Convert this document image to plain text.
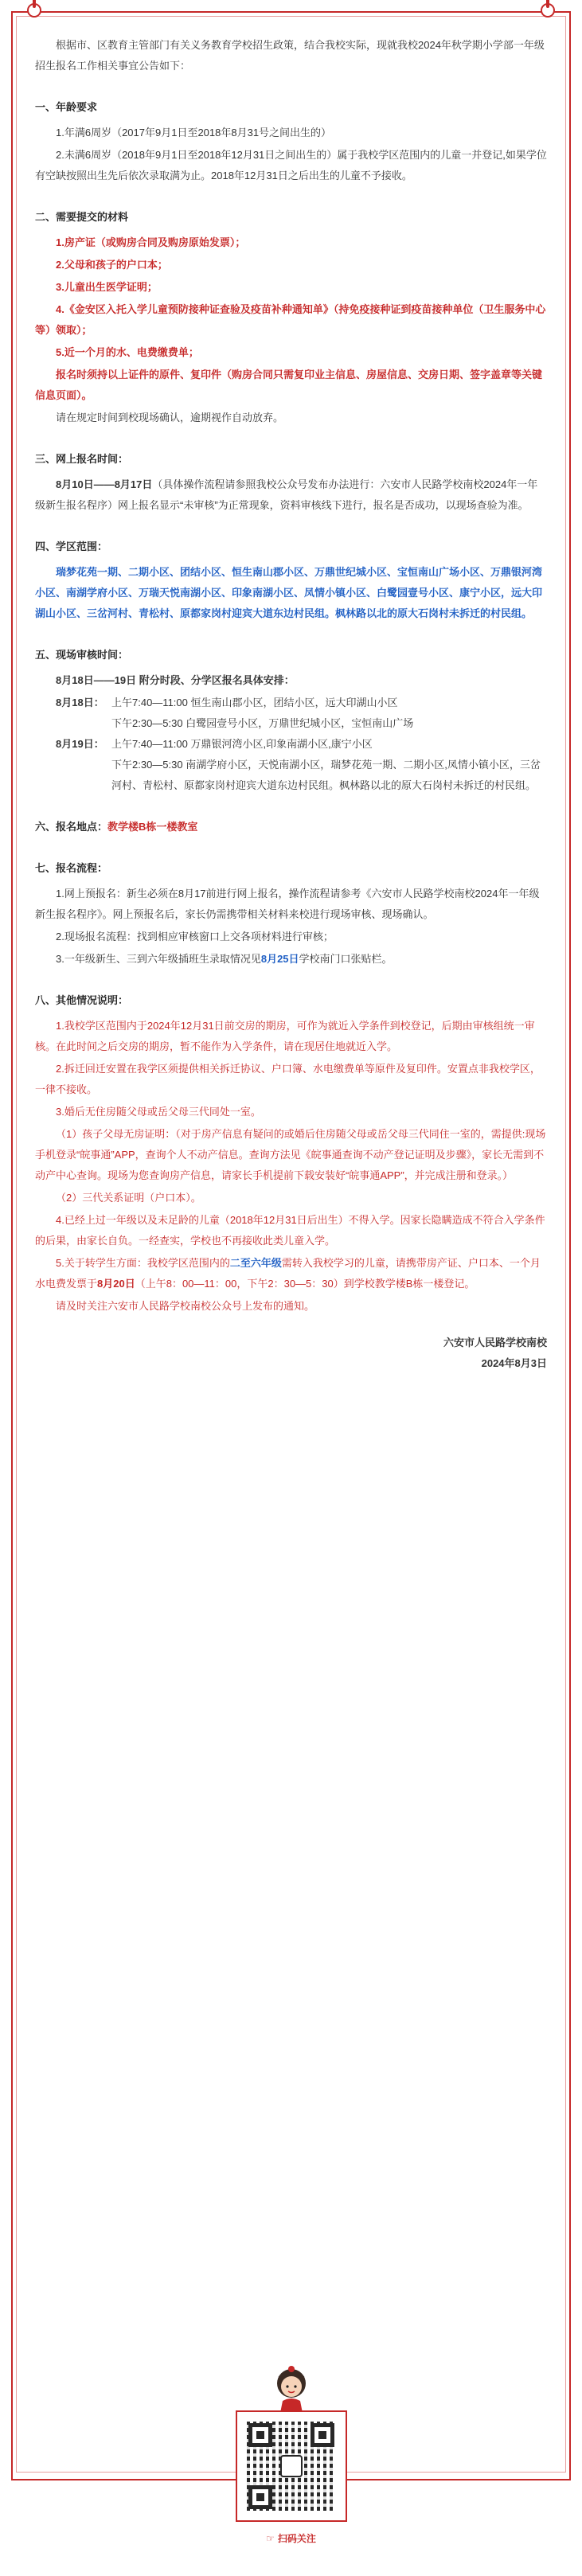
根据市、区教育主管部门有关义务教育学校招生政策，结合我校实际，现就我校2024年秋学期小学部一年级招生报名工作相关事宜公告如下：

一、年龄要求

1.年满6周岁（2017年9月1日至2018年8月31号之间出生的）

2.未满6周岁（2018年9月1日至2018年12月31日之间出生的）属于我校学区范围内的儿童一并登记,如果学位有空缺按照出生先后依次录取满为止。2018年12月31日之后出生的儿童不予接收。

二、需要提交的材料

1.房产证（或购房合同及购房原始发票）；

2.父母和孩子的户口本；

3.儿童出生医学证明；

4.《金安区入托入学儿童预防接种证查验及疫苗补种通知单》（持免疫接种证到疫苗接种单位（卫生服务中心等）领取）；

5.近一个月的水、电费缴费单；

报名时须持以上证件的原件、复印件（购房合同只需复印业主信息、房屋信息、交房日期、签字盖章等关键信息页面）。

请在规定时间到校现场确认，逾期视作自动放弃。

三、网上报名时间：

8月10日——8月17日（具体操作流程请参照我校公众号发布办法进行：六安市人民路学校南校2024年一年级新生报名程序）网上报名显示“未审核”为正常现象，资料审核线下进行，报名是否成功，以现场查验为准。

四、学区范围：

瑞梦花苑一期、二期小区、团结小区、恒生南山郡小区、万鼎世纪城小区、宝恒南山广场小区、万鼎银河湾小区、南湖学府小区、万瑞天悦南湖小区、印象南湖小区、凤情小镇小区、白鹭园壹号小区、康宁小区，远大印湖山小区、三岔河村、青松村、原都家岗村迎宾大道东边村民组。枫林路以北的原大石岗村未拆迁的村民组。

五、现场审核时间：

8月18日——19日 附分时段、分学区报名具体安排：

8月18日： 上午7:40—11:00 恒生南山郡小区，团结小区，远大印湖山小区
下午2:30—5:30 白鹭园壹号小区，万鼎世纪城小区，宝恒南山广场
8月19日： 上午7:40—11:00 万鼎银河湾小区,印象南湖小区,康宁小区
下午2:30—5:30 南湖学府小区，天悦南湖小区，瑞梦花苑一期、二期小区,凤情小镇小区，三岔河村、青松村、原都家岗村迎宾大道东边村民组。枫林路以北的原大石岗村未拆迁的村民组。

六、报名地点：教学楼B栋一楼教室

七、报名流程：

1.网上预报名：新生必须在8月17前进行网上报名，操作流程请参考《六安市人民路学校南校2024年一年级新生报名程序》。网上预报名后，家长仍需携带相关材料来校进行现场审核、现场确认。

2.现场报名流程：找到相应审核窗口上交各项材料进行审核；

3.一年级新生、三到六年级插班生录取情况见8月25日学校南门口张贴栏。

八、其他情况说明：

1.我校学区范围内于2024年12月31日前交房的期房，可作为就近入学条件到校登记，后期由审核组统一审核。在此时间之后交房的期房，暂不能作为入学条件，请在现居住地就近入学。

2.拆迁回迁安置在我学区须提供相关拆迁协议、户口簿、水电缴费单等原件及复印件。安置点非我校学区，一律不接收。

3.婚后无住房随父母或岳父母三代同处一室。

（1）孩子父母无房证明：（对于房产信息有疑问的或婚后住房随父母或岳父母三代同住一室的，需提供:现场手机登录“皖事通”APP，查询个人不动产信息。查询方法见《皖事通查询不动产登记证明及步骤》，家长无需到不动产中心查询。现场为您查询房产信息，请家长手机提前下载安装好“皖事通APP”，并完成注册和登录。）

（2）三代关系证明（户口本）。

4.已经上过一年级以及未足龄的儿童（2018年12月31日后出生）不得入学。因家长隐瞒造成不符合入学条件的后果，由家长自负。一经查实，学校也不再接收此类儿童入学。

5.关于转学生方面：我校学区范围内的二至六年级需转入我校学习的儿童，请携带房产证、户口本、一个月水电费发票于8月20日（上午8：00—11：00，下午2：30—5：30）到学校教学楼B栋一楼登记。

请及时关注六安市人民路学校南校公众号上发布的通知。

六安市人民路学校南校

2024年8月3日

☞ 扫码关注
